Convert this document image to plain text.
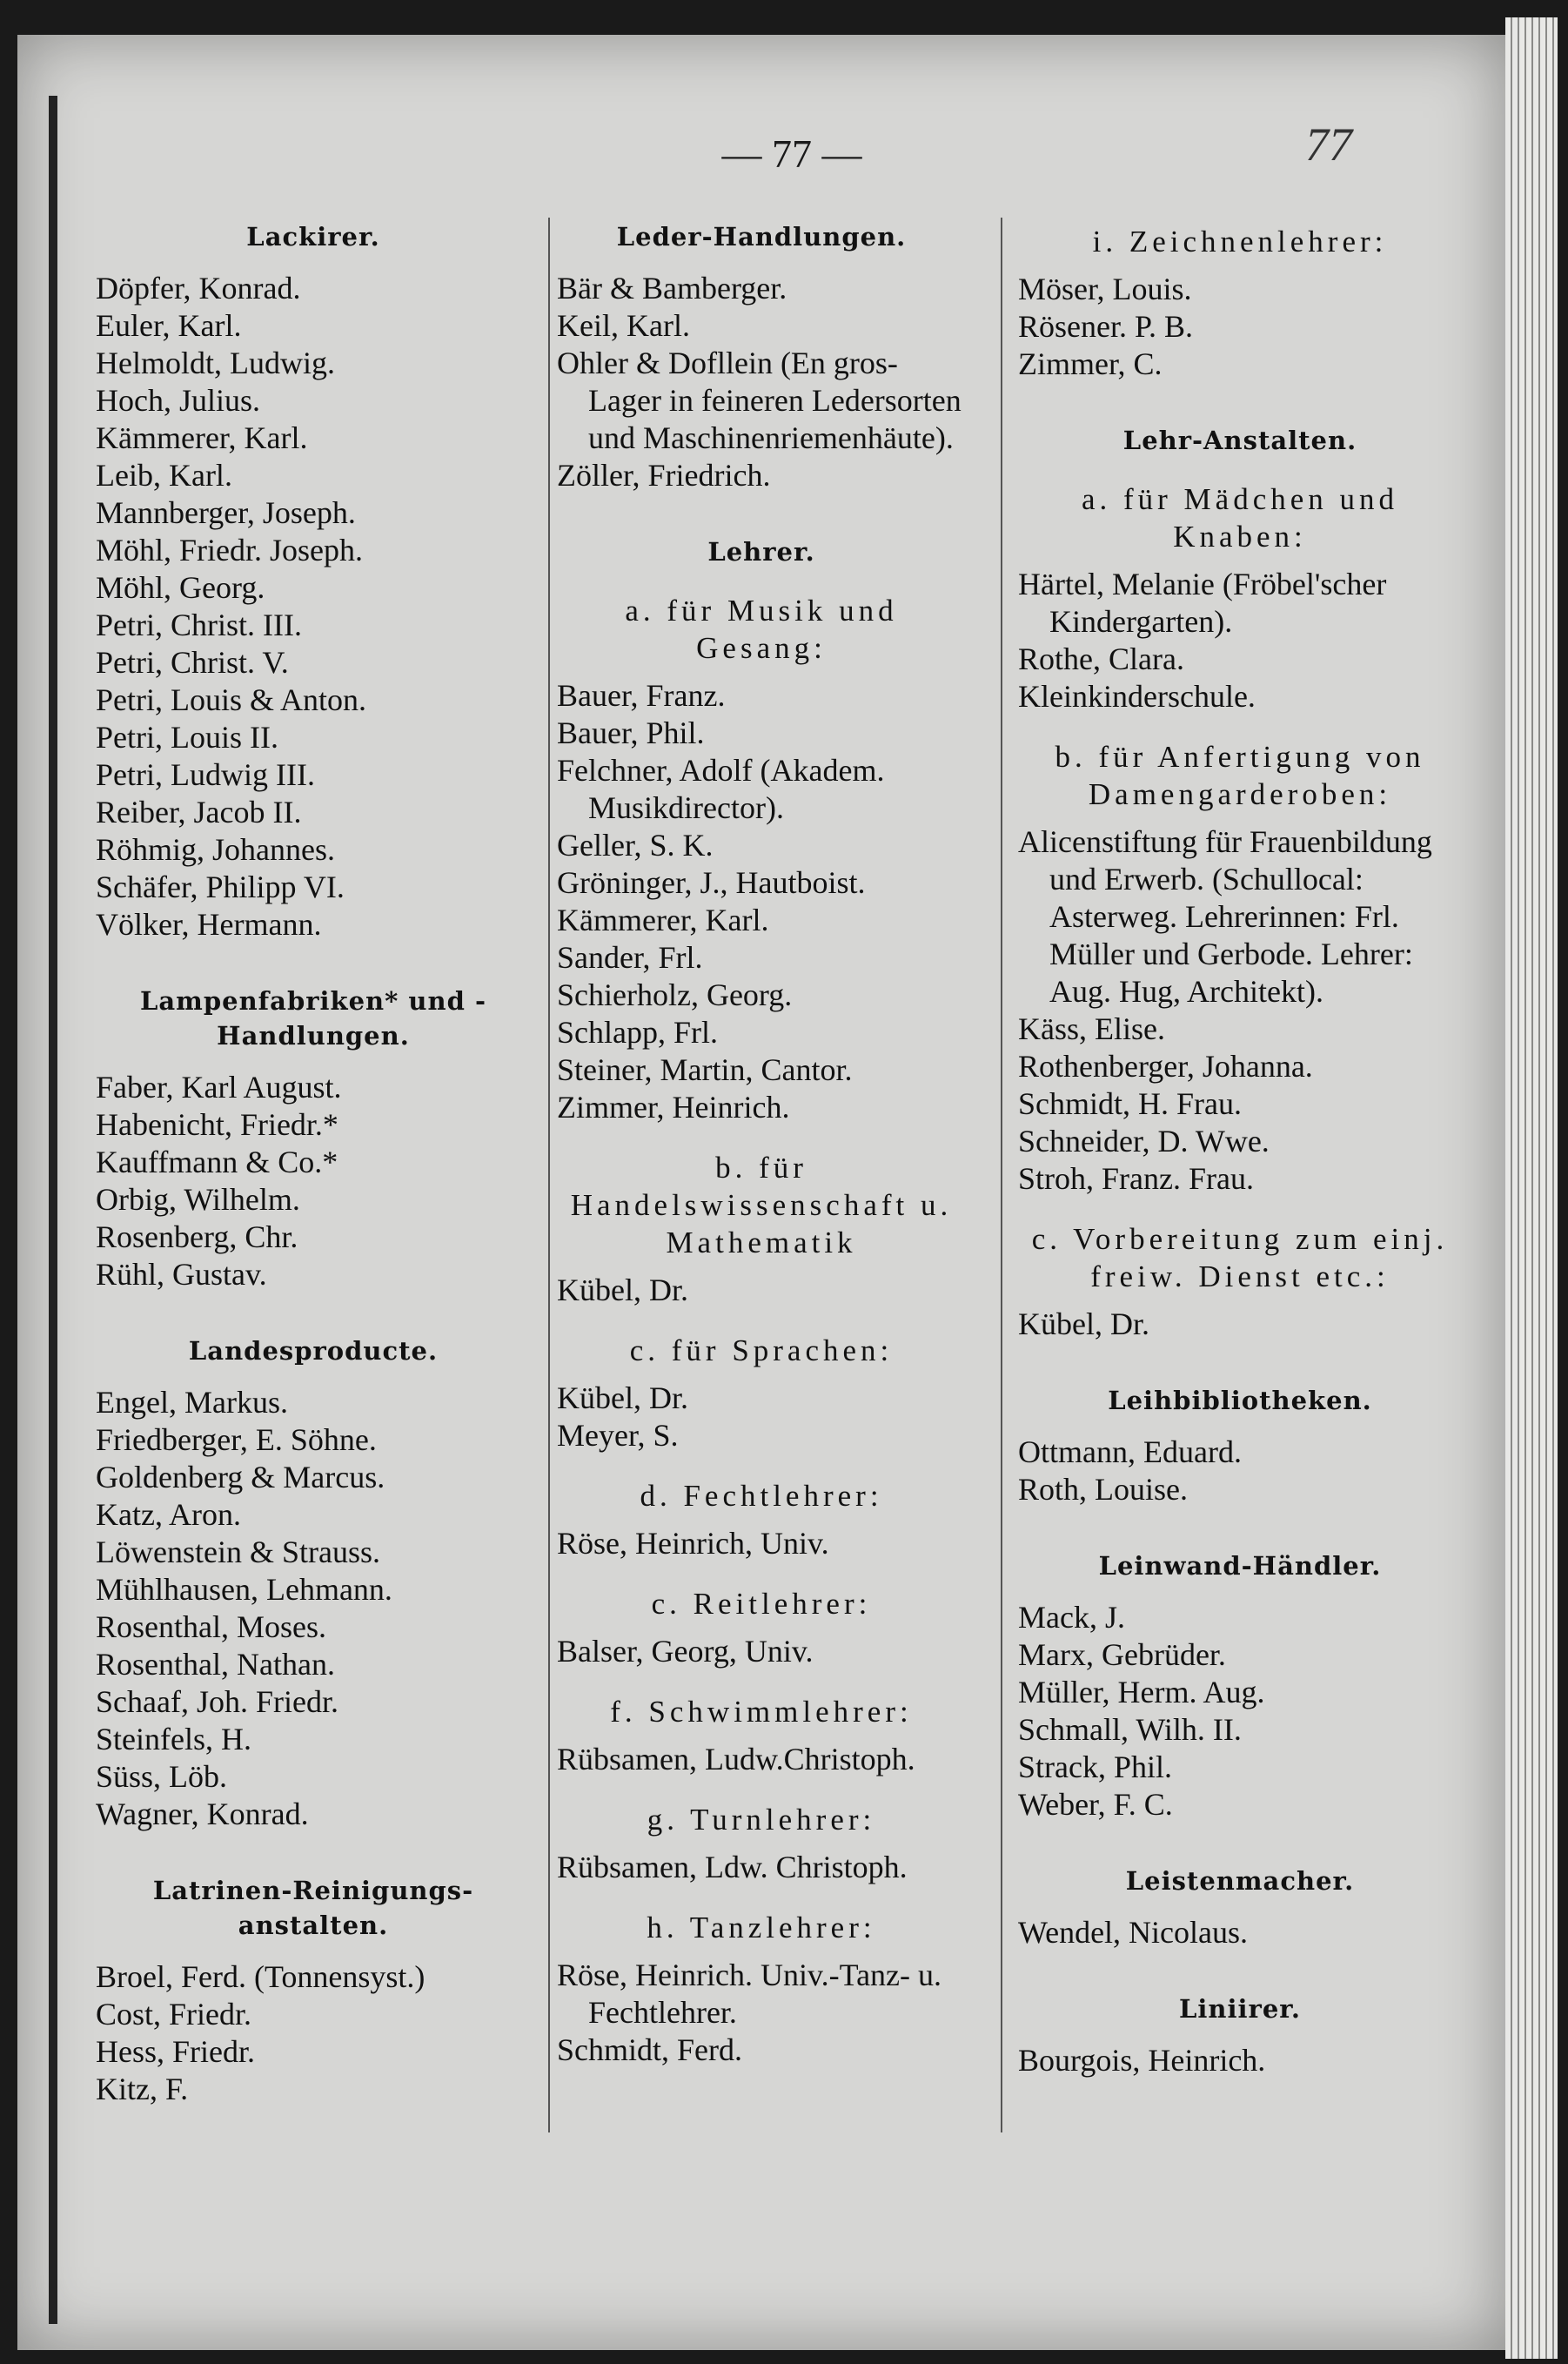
— 77 —	77
Lackirer.
Döpfer, Konrad.
Euler, Karl.
Helmoldt, Ludwig.
Hoch, Julius.
Kämmerer, Karl.
Leib, Karl.
Mannberger, Joseph.
Möhl, Friedr. Joseph.
Möhl, Georg.
Petri, Christ. III.
Petri, Christ. V.
Petri, Louis & Anton.
Petri, Louis II.
Petri, Ludwig III.
Reiber, Jacob II.
Röhmig, Johannes.
Schäfer, Philipp VI.
Völker, Hermann.
Lampenfabriken* und -Handlungen.
Faber, Karl August.
Habenicht, Friedr.*
Kauffmann & Co.*
Orbig, Wilhelm.
Rosenberg, Chr.
Rühl, Gustav.
Landesproducte.
Engel, Markus.
Friedberger, E. Söhne.
Goldenberg & Marcus.
Katz, Aron.
Löwenstein & Strauss.
Mühlhausen, Lehmann.
Rosenthal, Moses.
Rosenthal, Nathan.
Schaaf, Joh. Friedr.
Steinfels, H.
Süss, Löb.
Wagner, Konrad.
Latrinen-Reinigungs-anstalten.
Broel, Ferd. (Tonnensyst.)
Cost, Friedr.
Hess, Friedr.
Kitz, F.
Leder-Handlungen.
Bär & Bamberger.
Keil, Karl.
Ohler & Dofllein (En gros-Lager in feineren Ledersorten und Maschinenriemenhäute).
Zöller, Friedrich.
Lehrer.
a. für Musik und Gesang:
Bauer, Franz.
Bauer, Phil.
Felchner, Adolf (Akadem. Musikdirector).
Geller, S. K.
Gröninger, J., Hautboist.
Kämmerer, Karl.
Sander, Frl.
Schierholz, Georg.
Schlapp, Frl.
Steiner, Martin, Cantor.
Zimmer, Heinrich.
b. für Handelswissenschaft u. Mathematik
Kübel, Dr.
c. für Sprachen:
Kübel, Dr.
Meyer, S.
d. Fechtlehrer:
Röse, Heinrich, Univ.
c. Reitlehrer:
Balser, Georg, Univ.
f. Schwimmlehrer:
Rübsamen, Ludw.Christoph.
g. Turnlehrer:
Rübsamen, Ldw. Christoph.
h. Tanzlehrer:
Röse, Heinrich. Univ.-Tanz- u. Fechtlehrer.
Schmidt, Ferd.
i. Zeichnenlehrer:
Möser, Louis.
Rösener. P. B.
Zimmer, C.
Lehr-Anstalten.
a. für Mädchen und Knaben:
Härtel, Melanie (Fröbel'scher Kindergarten).
Rothe, Clara.
Kleinkinderschule.
b. für Anfertigung von Damengarderoben:
Alicenstiftung für Frauenbildung und Erwerb. (Schullocal: Asterweg. Lehrerinnen: Frl. Müller und Gerbode. Lehrer: Aug. Hug, Architekt).
Käss, Elise.
Rothenberger, Johanna.
Schmidt, H. Frau.
Schneider, D. Wwe.
Stroh, Franz. Frau.
c. Vorbereitung zum einj. freiw. Dienst etc.:
Kübel, Dr.
Leihbibliotheken.
Ottmann, Eduard.
Roth, Louise.
Leinwand-Händler.
Mack, J.
Marx, Gebrüder.
Müller, Herm. Aug.
Schmall, Wilh. II.
Strack, Phil.
Weber, F. C.
Leistenmacher.
Wendel, Nicolaus.
Liniirer.
Bourgois, Heinrich.
